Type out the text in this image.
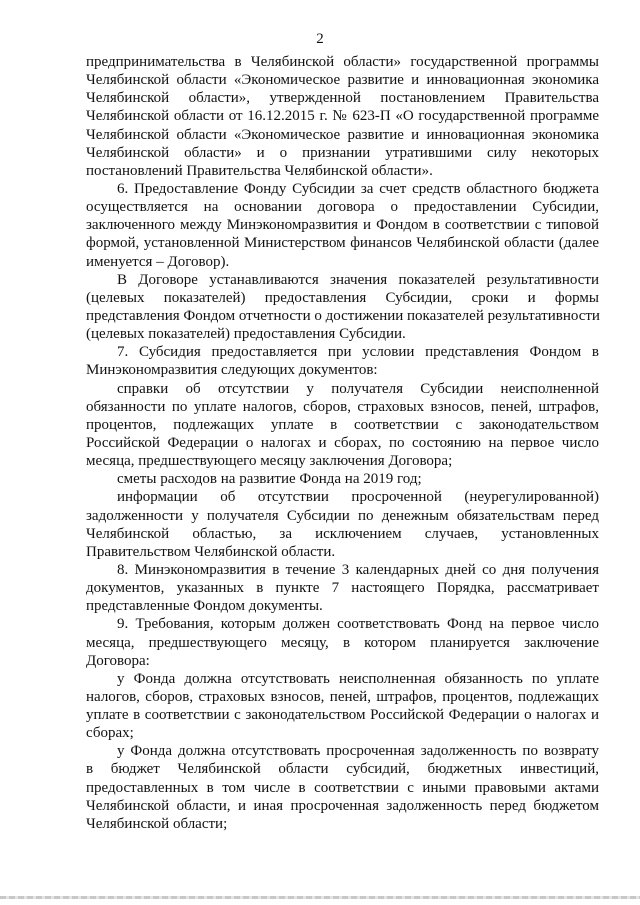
2
предпринимательства в Челябинской области» государственной программы
Челябинской области «Экономическое развитие и инновационная экономика
Челябинской области», утвержденной постановлением Правительства
Челябинской области от 16.12.2015 г. № 623-П «О государственной программе
Челябинской области «Экономическое развитие и инновационная экономика
Челябинской области» и о признании утратившими силу некоторых
постановлений Правительства Челябинской области».
6. Предоставление Фонду Субсидии за счет средств областного бюджета
осуществляется на основании договора о предоставлении Субсидии,
заключенного между Минэкономразвития и Фондом в соответствии с типовой
формой, установленной Министерством финансов Челябинской области (далее
именуется – Договор).
В Договоре устанавливаются значения показателей результативности
(целевых показателей) предоставления Субсидии, сроки и формы
представления Фондом отчетности о достижении показателей результативности
(целевых показателей) предоставления Субсидии.
7. Субсидия предоставляется при условии представления Фондом в
Минэкономразвития следующих документов:
справки об отсутствии у получателя Субсидии неисполненной
обязанности по уплате налогов, сборов, страховых взносов, пеней, штрафов,
процентов, подлежащих уплате в соответствии с законодательством
Российской Федерации о налогах и сборах, по состоянию на первое число
месяца, предшествующего месяцу заключения Договора;
сметы расходов на развитие Фонда на 2019 год;
информации об отсутствии просроченной (неурегулированной)
задолженности у получателя Субсидии по денежным обязательствам перед
Челябинской областью, за исключением случаев, установленных
Правительством Челябинской области.
8. Минэкономразвития в течение 3 календарных дней со дня получения
документов, указанных в пункте 7 настоящего Порядка, рассматривает
представленные Фондом документы.
9. Требования, которым должен соответствовать Фонд на первое число
месяца, предшествующего месяцу, в котором планируется заключение
Договора:
у Фонда должна отсутствовать неисполненная обязанность по уплате
налогов, сборов, страховых взносов, пеней, штрафов, процентов, подлежащих
уплате в соответствии с законодательством Российской Федерации о налогах и
сборах;
у Фонда должна отсутствовать просроченная задолженность по возврату
в бюджет Челябинской области субсидий, бюджетных инвестиций,
предоставленных в том числе в соответствии с иными правовыми актами
Челябинской области, и иная просроченная задолженность перед бюджетом
Челябинской области;
